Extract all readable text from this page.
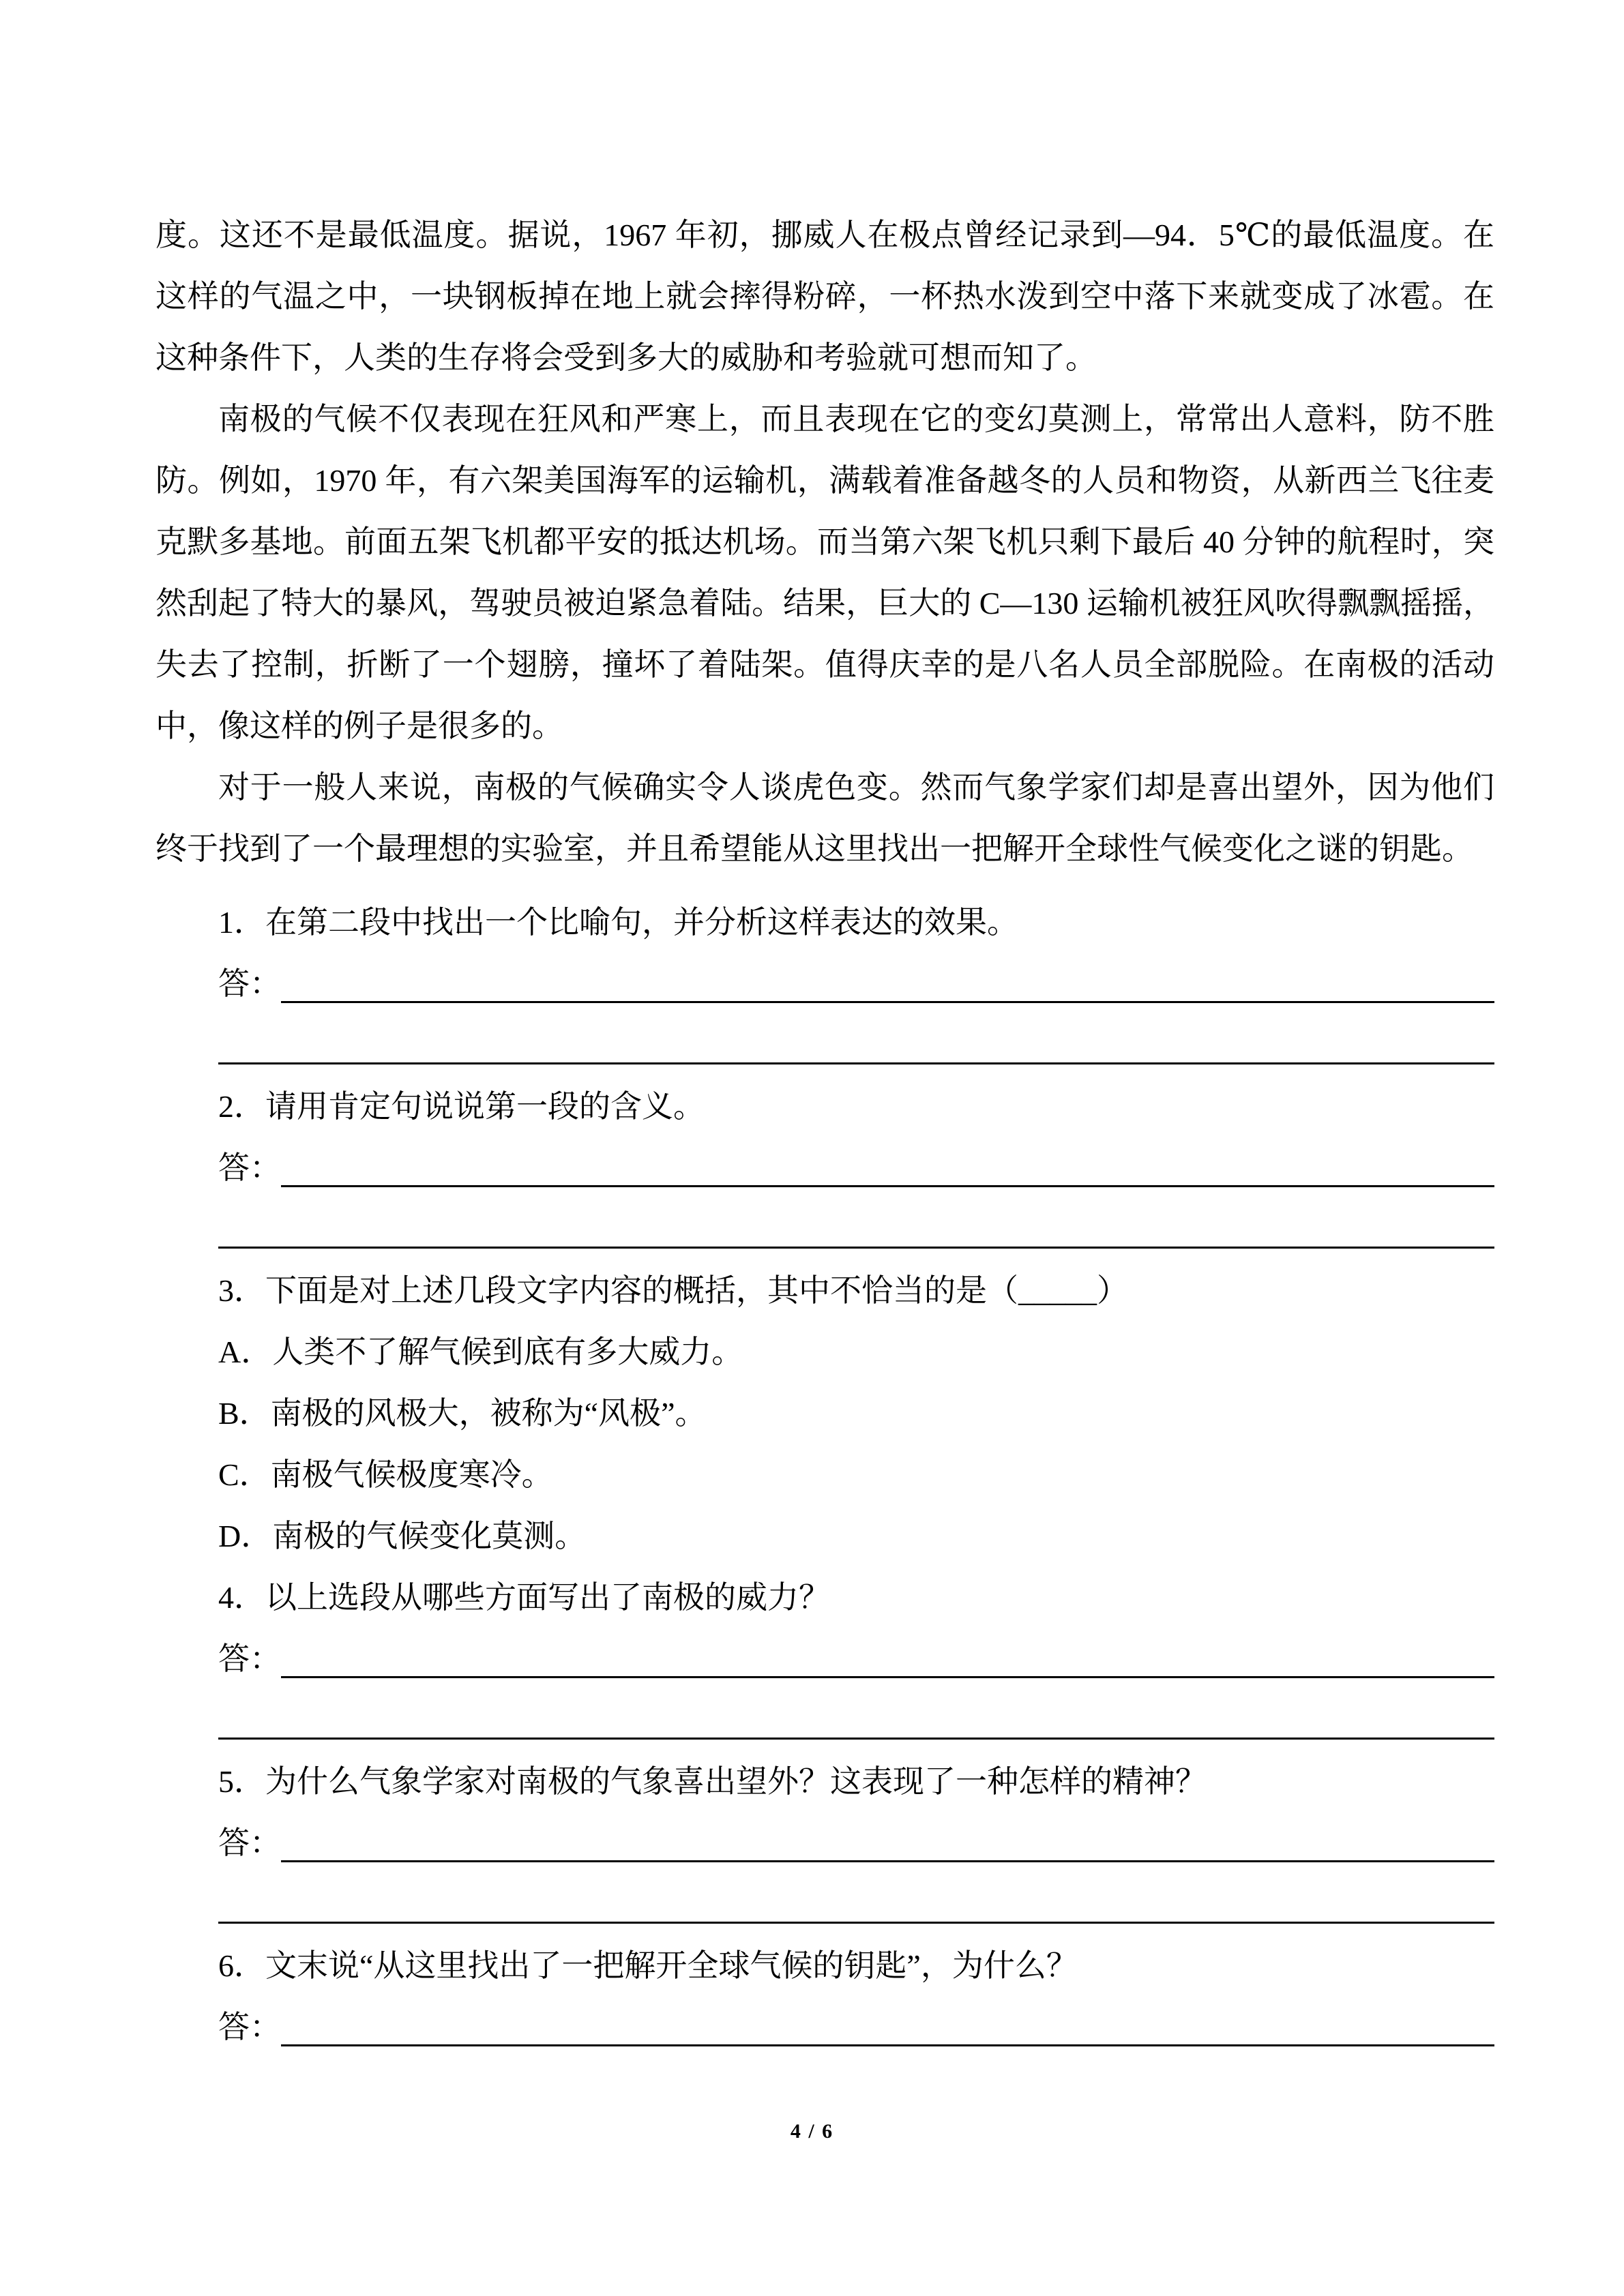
度。这还不是最低温度。据说，1967 年初，挪威人在极点曾经记录到—94．5℃的最低温度。在这样的气温之中，一块钢板掉在地上就会摔得粉碎，一杯热水泼到空中落下来就变成了冰雹。在这种条件下，人类的生存将会受到多大的威胁和考验就可想而知了。

南极的气候不仅表现在狂风和严寒上，而且表现在它的变幻莫测上，常常出人意料，防不胜防。例如，1970 年，有六架美国海军的运输机，满载着准备越冬的人员和物资，从新西兰飞往麦克默多基地。前面五架飞机都平安的抵达机场。而当第六架飞机只剩下最后 40 分钟的航程时，突然刮起了特大的暴风，驾驶员被迫紧急着陆。结果，巨大的 C—130 运输机被狂风吹得飘飘摇摇，失去了控制，折断了一个翅膀，撞坏了着陆架。值得庆幸的是八名人员全部脱险。在南极的活动中，像这样的例子是很多的。

对于一般人来说，南极的气候确实令人谈虎色变。然而气象学家们却是喜出望外，因为他们终于找到了一个最理想的实验室，并且希望能从这里找出一把解开全球性气候变化之谜的钥匙。

1．在第二段中找出一个比喻句，并分析这样表达的效果。

答：

2．请用肯定句说说第一段的含义。

答：

3．下面是对上述几段文字内容的概括，其中不恰当的是（_____）

A．人类不了解气候到底有多大威力。

B．南极的风极大，被称为“风极”。

C．南极气候极度寒冷。

D．南极的气候变化莫测。

4．以上选段从哪些方面写出了南极的威力？

答：

5．为什么气象学家对南极的气象喜出望外？这表现了一种怎样的精神？

答：

6．文末说“从这里找出了一把解开全球气候的钥匙”，为什么？

答：
4 / 6
